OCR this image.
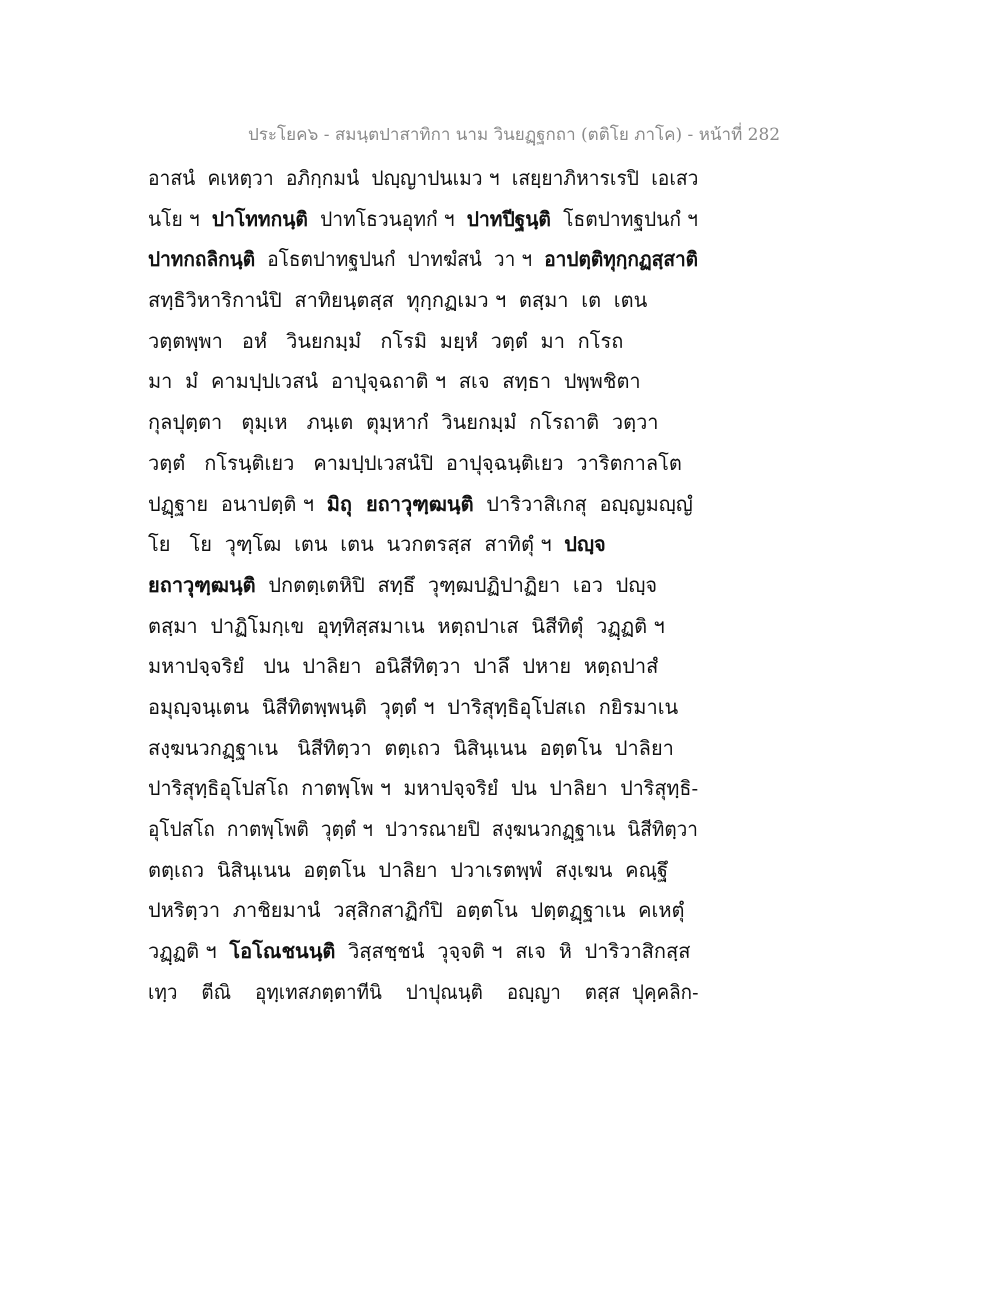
ประโยค๖ - สมนฺตปาสาทิกา นาม วินยฏฺฐกถา (ตติโย ภาโค) - หน้าที่ 282
อาสนํ  คเหตฺวา  อภิกฺกมนํ  ปญฺญาปนเมว ฯ  เสยฺยาภิหารเรปิ  เอเสว
นโย ฯ  ปาโททกนฺติ  ปาทโธวนอุทกํ ฯ  ปาทปีฐนฺติ  โธตปาทฐปนกํ ฯ
ปาทกถลิกนฺติ  อโธตปาทฐปนกํ  ปาทฆํสนํ  วา ฯ  อาปตฺติทุกฺกฏสฺสาติ
สทฺธิวิหาริกานํปิ  สาทิยนฺตสฺส  ทุกฺกฏเมว ฯ  ตสฺมา  เต  เตน
วตฺตพฺพา   อหํ   วินยกมฺมํ   กโรมิ  มยฺหํ  วตฺตํ  มา  กโรถ
มา  มํ  คามปฺปเวสนํ  อาปุจฺฉถาติ ฯ  สเจ  สทฺธา  ปพฺพชิตา
กุลปุตฺตา   ตุมฺเห   ภนฺเต  ตุมฺหากํ  วินยกมฺมํ  กโรถาติ  วตฺวา
วตฺตํ   กโรนฺติเยว   คามปฺปเวสนํปิ  อาปุจฺฉนฺติเยว  วาริตกาลโต
ปฏฺฐาย  อนาปตฺติ ฯ  มิถุ  ยถาวุฑฺฒนฺติ  ปาริวาสิเกสุ  อญฺญมญฺญํ
โย   โย  วุฑฺโฒ  เตน  เตน  นวกตรสฺส  สาทิตุํ ฯ  ปญฺจ
ยถาวุฑฺฒนฺติ  ปกตตฺเตหิปิ  สทฺธึ  วุฑฺฒปฏิปาฏิยา  เอว  ปญฺจ
ตสฺมา  ปาฏิโมกฺเข  อุทฺทิสฺสมาเน  หตฺถปาเส  นิสีทิตุํ  วฏฺฏติ ฯ
มหาปจฺจริยํ   ปน  ปาลิยา  อนิสีทิตฺวา  ปาลึ  ปหาย  หตฺถปาสํ
อมุญฺจนฺเตน  นิสีทิตพฺพนฺติ  วุตฺตํ ฯ  ปาริสุทฺธิอุโปสเถ  กยิรมาเน
สงฺฆนวกฏฺฐาเน   นิสีทิตฺวา  ตตฺเถว  นิสินฺเนน  อตฺตโน  ปาลิยา
ปาริสุทฺธิอุโปสโถ  กาตพฺโพ ฯ  มหาปจฺจริยํ  ปน  ปาลิยา  ปาริสุทฺธิ-
อุโปสโถ  กาตพฺโพติ  วุตฺตํ ฯ  ปวารณายปิ  สงฺฆนวกฏฺฐาเน  นิสีทิตฺวา
ตตฺเถว  นิสินฺเนน  อตฺตโน  ปาลิยา  ปวาเรตพฺพํ  สงฺเฆน  คณฺฐึ
ปหริตฺวา  ภาชิยมานํ  วสฺสิกสาฏิกํปิ  อตฺตโน  ปตฺตฏฺฐาเน  คเหตุํ
วฏฺฏติ ฯ  โอโณชนนฺติ  วิสฺสชฺชนํ  วุจฺจติ ฯ  สเจ  หิ  ปาริวาสิกสฺส
เทฺว    ตีณิ    อุทฺเทสภตฺตาทีนิ    ปาปุณนฺติ    อญฺญา    ตสฺส  ปุคฺคลิก-
